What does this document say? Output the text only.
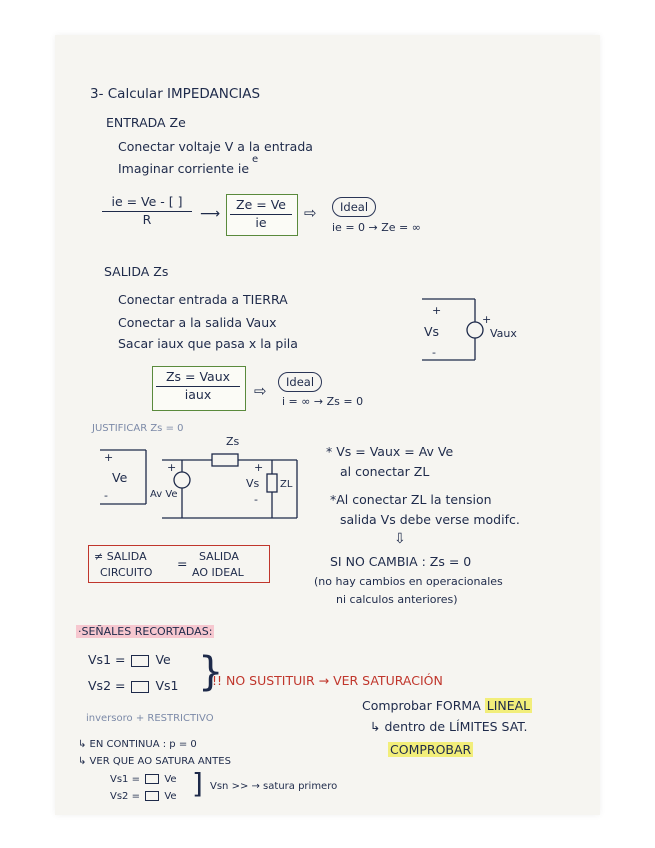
3- Calcular IMPEDANCIAS
ENTRADA Ze
Conectar voltaje V a la entrada
e
Imaginar corriente ie
$\frac{ie = Ve - [ ]}{R}$ ⟶ $\frac{Ze = Ve}{ie}$ ⇨	Ideal
ie = 0 → Ze = ∞
SALIDA Zs
Conectar entrada a TIERRA
Conectar a la salida Vaux
Sacar iaux que pasa x la pila
+
+
Vs	Vaux
-
Zs = Vaux
iaux	⇨	Ideal
i = ∞ → Zs = 0
JUSTIFICAR Zs = 0
Zs
+
Ve
-
+
Av Ve
+
Vs
-
ZL
* Vs = Vaux = Av Ve
al conectar ZL
*Al conectar ZL la tension
salida Vs debe verse modifc.
⇩
SI NO CAMBIA : Zs = 0
(no hay cambios en operacionales
ni calculos anteriores)
≠ SALIDA
CIRCUITO
= SALIDA
AO IDEAL
·SEÑALES RECORTADAS:
Vs1 = Ve
Vs2 = Vs1 }
!! NO SUSTITUIR → VER SATURACIÓN
Comprobar FORMA LINEAL
↳ dentro de LÍMITES SAT.
COMPROBAR
inversoro + RESTRICTIVO
↳ EN CONTINUA : p = 0
↳ VER QUE AO SATURA ANTES
Vs1 = Ve
Vs2 = Ve ] Vsn >> → satura primero
